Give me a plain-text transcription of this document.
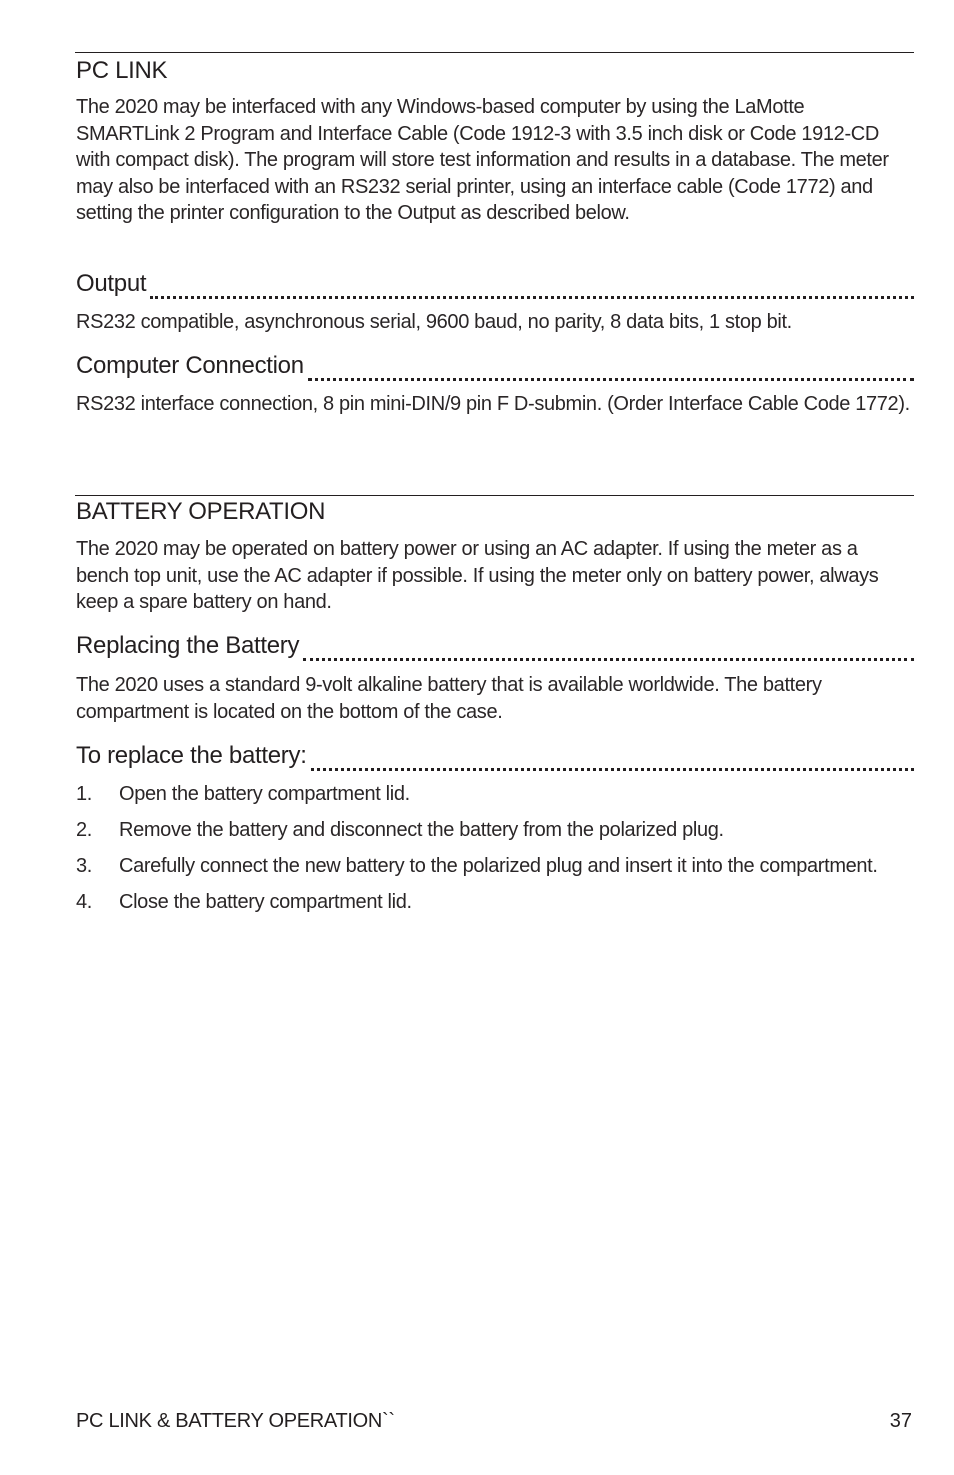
PC LINK
The 2020 may be interfaced with any Windows-based computer by using the LaMotte SMARTLink 2 Program and Interface Cable (Code 1912-3 with 3.5 inch disk or Code 1912-CD with compact disk). The program will store test information and results in a database. The meter may also be interfaced with an RS232 serial printer, using an interface cable (Code 1772) and setting the printer configuration to the Output as described below.
Output
RS232 compatible, asynchronous serial, 9600 baud, no parity, 8 data bits, 1 stop bit.
Computer Connection
RS232 interface connection, 8 pin mini-DIN/9 pin F D-submin. (Order Interface Cable Code 1772).
BATTERY OPERATION
The 2020 may be operated on battery power or using an AC adapter. If using the meter as a bench top unit, use the AC adapter if possible. If using the meter only on battery power, always keep a spare battery on hand.
Replacing the Battery
The 2020 uses a standard 9-volt alkaline battery that is available worldwide. The battery compartment is located on the bottom of the case.
To replace the battery:
1.	Open the battery compartment lid.
2.	Remove the battery and disconnect the battery from the polarized plug.
3.	Carefully connect the new battery to the polarized plug and insert it into the compartment.
4.	Close the battery compartment lid.
PC LINK & BATTERY OPERATION``	37
